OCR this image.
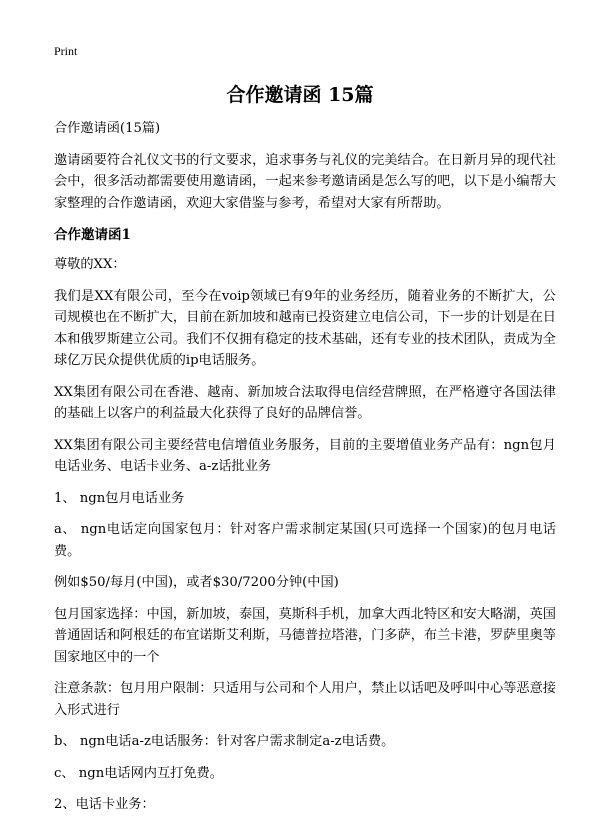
Print
合作邀请函 15篇

合作邀请函(15篇)

邀请函要符合礼仪文书的行文要求，追求事务与礼仪的完美结合。在日新月异的现代社会中，很多活动都需要使用邀请函，一起来参考邀请函是怎么写的吧，以下是小编帮大家整理的合作邀请函，欢迎大家借鉴与参考，希望对大家有所帮助。

合作邀请函1

尊敬的XX：

我们是XX有限公司，至今在voip领域已有9年的业务经历，随着业务的不断扩大，公司规模也在不断扩大，目前在新加坡和越南已投资建立电信公司，下一步的计划是在日本和俄罗斯建立公司。我们不仅拥有稳定的技术基础，还有专业的技术团队，责成为全球亿万民众提供优质的ip电话服务。

XX集团有限公司在香港、越南、新加坡合法取得电信经营牌照，在严格遵守各国法律的基础上以客户的利益最大化获得了良好的品牌信誉。

XX集团有限公司主要经营电信增值业务服务，目前的主要增值业务产品有：ngn包月电话业务、电话卡业务、a-z话批业务

1、 ngn包月电话业务

a、 ngn电话定向国家包月：针对客户需求制定某国(只可选择一个国家)的包月电话费。

例如$50/每月(中国)，或者$30/7200分钟(中国)

包月国家选择：中国，新加坡，泰国，莫斯科手机，加拿大西北特区和安大略湖，英国普通固话和阿根廷的布宜诺斯艾利斯，马德普拉塔港，门多萨，布兰卡港，罗萨里奥等国家地区中的一个

注意条款：包月用户限制：只适用与公司和个人用户，禁止以话吧及呼叫中心等恶意接入形式进行

b、 ngn电话a-z电话服务：针对客户需求制定a-z电话费。

c、 ngn电话网内互打免费。

2、电话卡业务：
